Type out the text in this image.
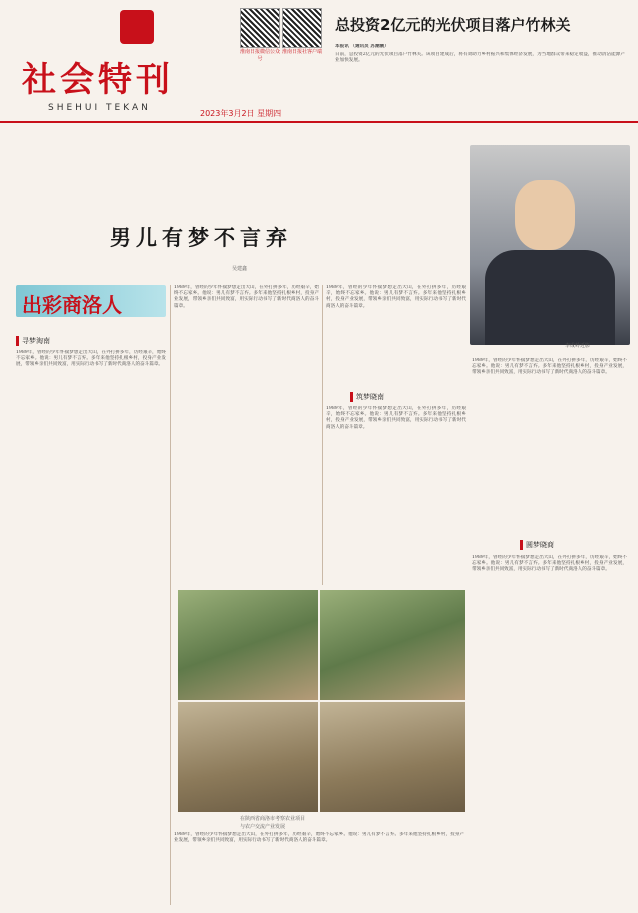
社会特刊
SHEHUI TEKAN
2023年3月2日 星期四
淮南日报微信公众号
淮南日报社客户端
总投资2亿元的光伏项目落户竹林关
本报讯 （通讯员 苏潮潮）
日前，总投资2亿元的光伏项目落户竹林关。该项目建成后，将有效助力乡村振兴和集体经济发展，为当地群众带来稳定收益，推动清洁能源产业加快发展。
男儿有梦不言弃
吴建鑫
李成岭近影
出彩商洛人
寻梦淘南
1989年，曾经的少年怀揣梦想走出大山，在外打拼多年，历经艰辛，始终不忘家乡。他说：男儿有梦不言弃。多年来他坚持扎根乡村，投身产业发展，带领乡亲们共同致富，用实际行动书写了新时代商洛人的奋斗篇章。
1989年，曾经的少年怀揣梦想走出大山，在外打拼多年，历经艰辛，始终不忘家乡。他说：男儿有梦不言弃。多年来他坚持扎根乡村，投身产业发展，带领乡亲们共同致富，用实际行动书写了新时代商洛人的奋斗篇章。
1989年，曾经的少年怀揣梦想走出大山，在外打拼多年，历经艰辛，始终不忘家乡。他说：男儿有梦不言弃。多年来他坚持扎根乡村，投身产业发展，带领乡亲们共同致富，用实际行动书写了新时代商洛人的奋斗篇章。
筑梦晓南
1989年，曾经的少年怀揣梦想走出大山，在外打拼多年，历经艰辛，始终不忘家乡。他说：男儿有梦不言弃。多年来他坚持扎根乡村，投身产业发展，带领乡亲们共同致富，用实际行动书写了新时代商洛人的奋斗篇章。
1989年，曾经的少年怀揣梦想走出大山，在外打拼多年，历经艰辛，始终不忘家乡。他说：男儿有梦不言弃。多年来他坚持扎根乡村，投身产业发展，带领乡亲们共同致富，用实际行动书写了新时代商洛人的奋斗篇章。
圆梦晓商
1989年，曾经的少年怀揣梦想走出大山，在外打拼多年，历经艰辛，始终不忘家乡。他说：男儿有梦不言弃。多年来他坚持扎根乡村，投身产业发展，带领乡亲们共同致富，用实际行动书写了新时代商洛人的奋斗篇章。
在陕西省商洛市考察农业项目
与农户交流产业发展
1989年，曾经的少年怀揣梦想走出大山，在外打拼多年，历经艰辛，始终不忘家乡。他说：男儿有梦不言弃。多年来他坚持扎根乡村，投身产业发展，带领乡亲们共同致富，用实际行动书写了新时代商洛人的奋斗篇章。
